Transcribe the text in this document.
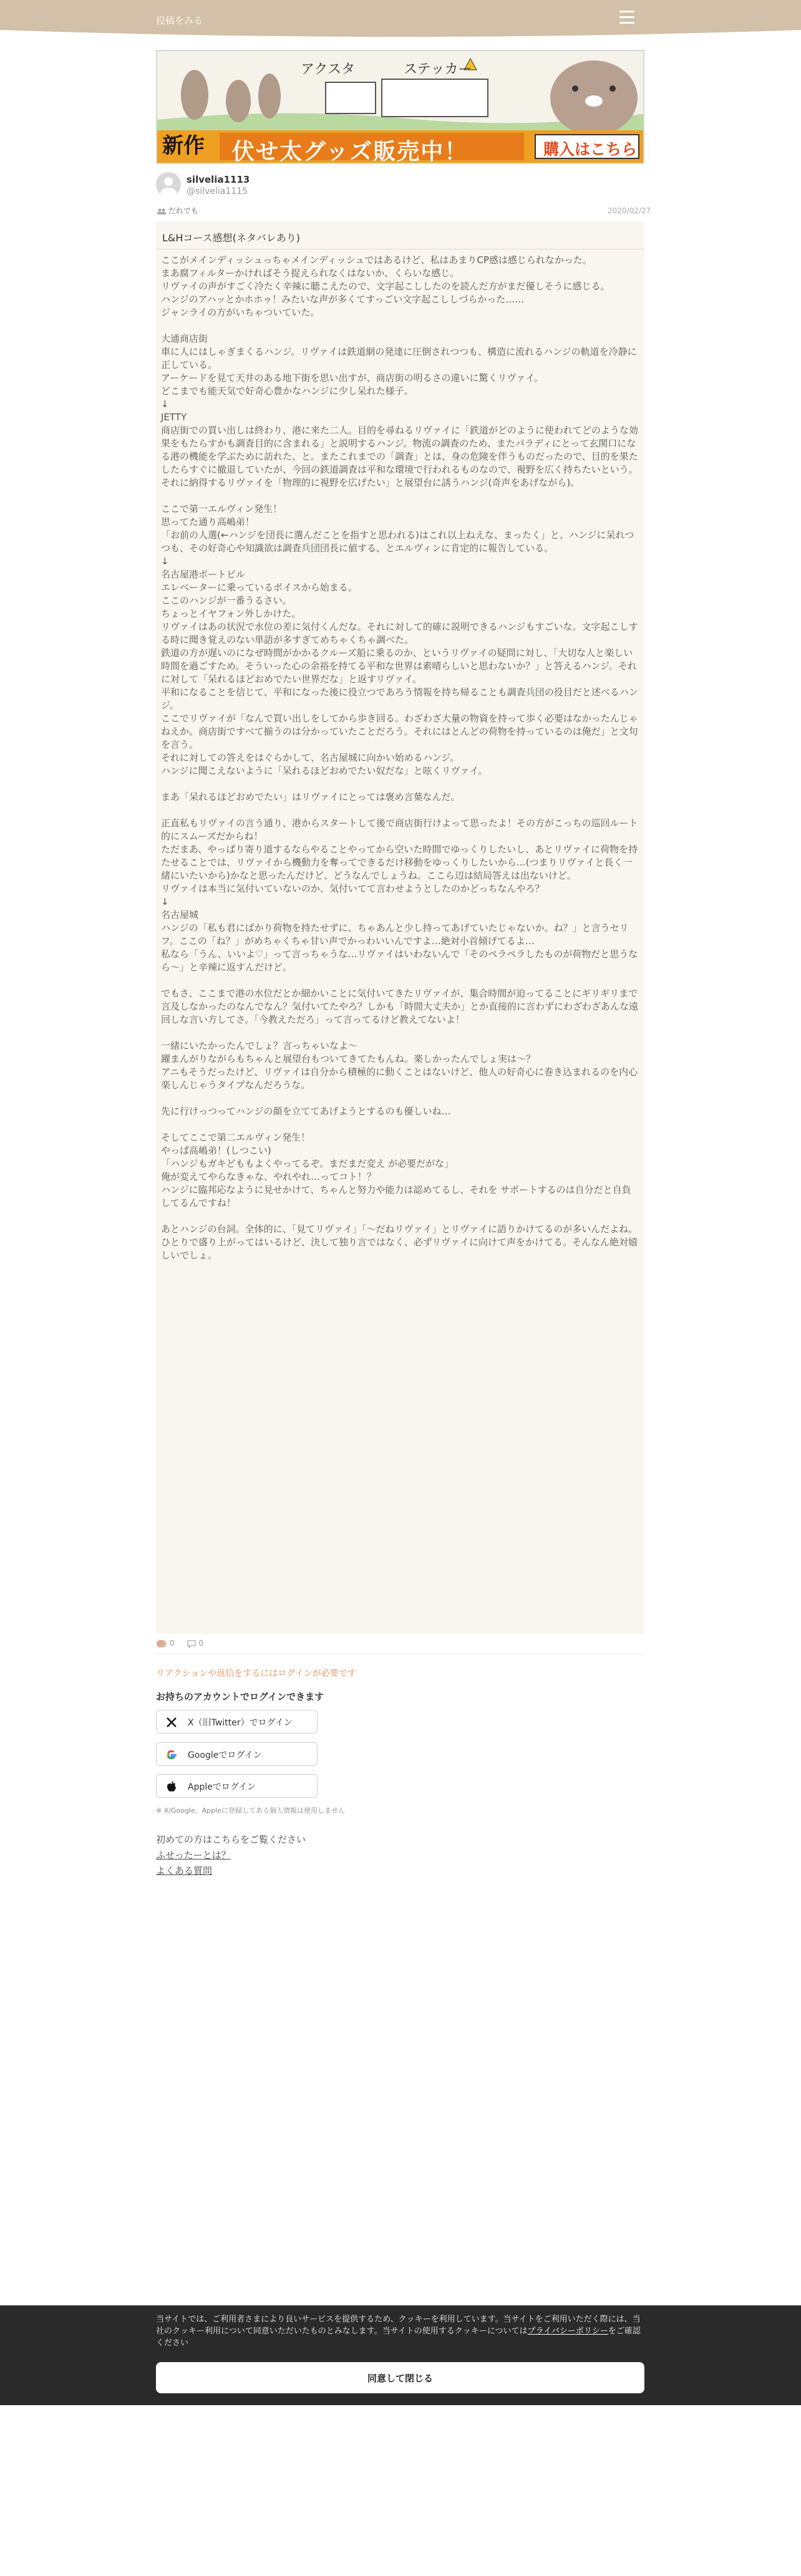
投稿をみる
アクスタ	ステッカー
新作 伏せ太グッズ販売中！	購入はこちら
silvelia1113
@silvelia1115
だれでも	2020/02/27
L&Hコース感想(ネタバレあり)
ここがメインディッシュっちゃメインディッシュではあるけど、私はあまりCP感は感じられなかった。
まあ腐フィルターかければそう捉えられなくはないか、くらいな感じ。
リヴァイの声がすごく冷たく辛辣に聴こえたので、文字起こししたのを読んだ方がまだ優しそうに感じる。
ハンジのアハッとかホホゥ！みたいな声が多くてすっごい文字起こししづらかった……
ジャンライの方がいちゃついていた。

大通商店街
車に人にはしゃぎまくるハンジ。リヴァイは鉄道網の発達に圧倒されつつも、構造に流れるハンジの軌道を冷静に正している。
アーケードを見て天井のある地下街を思い出すが、商店街の明るさの違いに驚くリヴァイ。
どこまでも能天気で好奇心豊かなハンジに少し呆れた様子。
↓
JETTY
商店街での買い出しは終わり、港に来た二人。目的を尋ねるリヴァイに「鉄道がどのように使われてどのような効果をもたらすかも調査目的に含まれる」と説明するハンジ。物流の調査のため、またパラディにとって玄関口になる港の機能を学ぶために訪れた、と。またこれまでの「調査」とは、身の危険を伴うものだったので、目的を果たしたらすぐに撤退していたが、今回の鉄道調査は平和な環境で行われるものなので、視野を広く持ちたいという。
それに納得するリヴァイを「物理的に視野を広げたい」と展望台に誘うハンジ(奇声をあげながら)。

ここで第一エルヴィン発生！
思ってた通り高嶋弟！
「お前の人選(←ハンジを団長に選んだことを指すと思われる)はこれ以上ねえな、まったく」と、ハンジに呆れつつも、その好奇心や知識欲は調査兵団団長に値する、とエルヴィンに肯定的に報告している。
↓
名古屋港ポートビル
エレベーターに乗っているボイスから始まる。
ここのハンジが一番うるさい。
ちょっとイヤフォン外しかけた。
リヴァイはあの状況で水位の差に気付くんだな。それに対して的確に説明できるハンジもすごいな。文字起こしする時に聞き覚えのない単語が多すぎてめちゃくちゃ調べた。
鉄道の方が遅いのになぜ時間がかかるクルーズ船に乗るのか、というリヴァイの疑問に対し、「大切な人と楽しい時間を過ごすため。そういった心の余裕を持てる平和な世界は素晴らしいと思わないか？」と答えるハンジ。それに対して「呆れるほどおめでたい世界だな」と返すリヴァイ。
平和になることを信じて、平和になった後に役立つであろう情報を持ち帰ることも調査兵団の役目だと述べるハンジ。
ここでリヴァイが「なんで買い出しをしてから歩き回る。わざわざ大量の物資を持って歩く必要はなかったんじゃねえか。商店街ですべて揃うのは分かっていたことだろう。それにはとんどの荷物を持っているのは俺だ」と文句を言う。
それに対しての答えをはぐらかして、名古屋城に向かい始めるハンジ。
ハンジに聞こえないように「呆れるほどおめでたい奴だな」と呟くリヴァイ。

まあ「呆れるほどおめでたい」はリヴァイにとっては褒め言葉なんだ。

正直私もリヴァイの言う通り、港からスタートして後で商店街行けよって思ったよ！その方がこっちの巡回ルート的にスムーズだからね！
ただまあ、やっぱり寄り道するならやることやってから空いた時間でゆっくりしたいし、あとリヴァイに荷物を持たせることでは、リヴァイから機動力を奪ってできるだけ移動をゆっくりしたいから…(つまりリヴァイと長く一緒にいたいから)かなと思ったんだけど、どうなんでしょうね。ここら辺は結局答えは出ないけど。
リヴァイは本当に気付いていないのか、気付いてて言わせようとしたのかどっちなんやろ？
↓
名古屋城
ハンジの「私も君にばかり荷物を持たせずに、ちゃあんと少し持ってあげていたじゃないか。ね？」と言うセリフ。ここの「ね？」がめちゃくちゃ甘い声でかっわいいんですよ…絶対小首傾げてるよ…
私なら「うん、いいよ♡」って言っちゃうな…リヴァイはいわないんで「そのペラペラしたものが荷物だと思うなら～」と辛辣に返すんだけど。

でもさ、ここまで港の水位だとか細かいことに気付いてきたリヴァイが、集合時間が迫ってることにギリギリまで言及しなかったのなんでなん？気付いてたやろ？しかも「時間大丈夫か」とか直接的に言わずにわざわざあんな遠回しな言い方してさ。「今教えただろ」って言ってるけど教えてないよ！

一緒にいたかったんでしょ？言っちゃいなよ～
躍まんがりながらもちゃんと展望台もついてきてたもんね。楽しかったんでしょ実は～？
アニもそうだったけど、リヴァイは自分から積極的に動くことはないけど、他人の好奇心に巻き込まれるのを内心楽しんじゃうタイプなんだろうな。

先に行けっつってハンジの顔を立ててあげようとするのも優しいね…

そしてここで第二エルヴィン発生！
やっぱ高嶋弟！(しつこい)
「ハンジもガキどももよくやってるぞ。まだまだ変え が必要だがな」
俺が変えてやらなきゃな、やれやれ…ってコト！？
ハンジに臨邦応なように見せかけて、ちゃんと努力や能力は認めてるし、それを サポートするのは自分だと自負してるんですね！

あとハンジの台詞。全体的に、「見てリヴァイ」「～だねリヴァイ」とリヴァイに語りかけてるのが多いんだよね。
ひとりで盛り上がってはいるけど、決して独り言ではなく、必ずリヴァイに向けて声をかけてる。そんなん絶対嬉しいでしょ。
0	0
リアクションや返信をするにはログインが必要です
お持ちのアカウントでログインできます
X（旧Twitter）でログイン
Googleでログイン
Appleでログイン
※ X/Google、Appleに登録してある個人情報は使用しません
初めての方はこちらをご覧ください
ふせったーとは？
よくある質問
当サイトでは、ご利用者さまにより良いサービスを提供するため、クッキーを利用しています。当サイトをご利用いただく際には、当社のクッキー利用について同意いただいたものとみなします。当サイトの使用するクッキーについてはプライバシーポリシーをご確認ください
同意して閉じる
